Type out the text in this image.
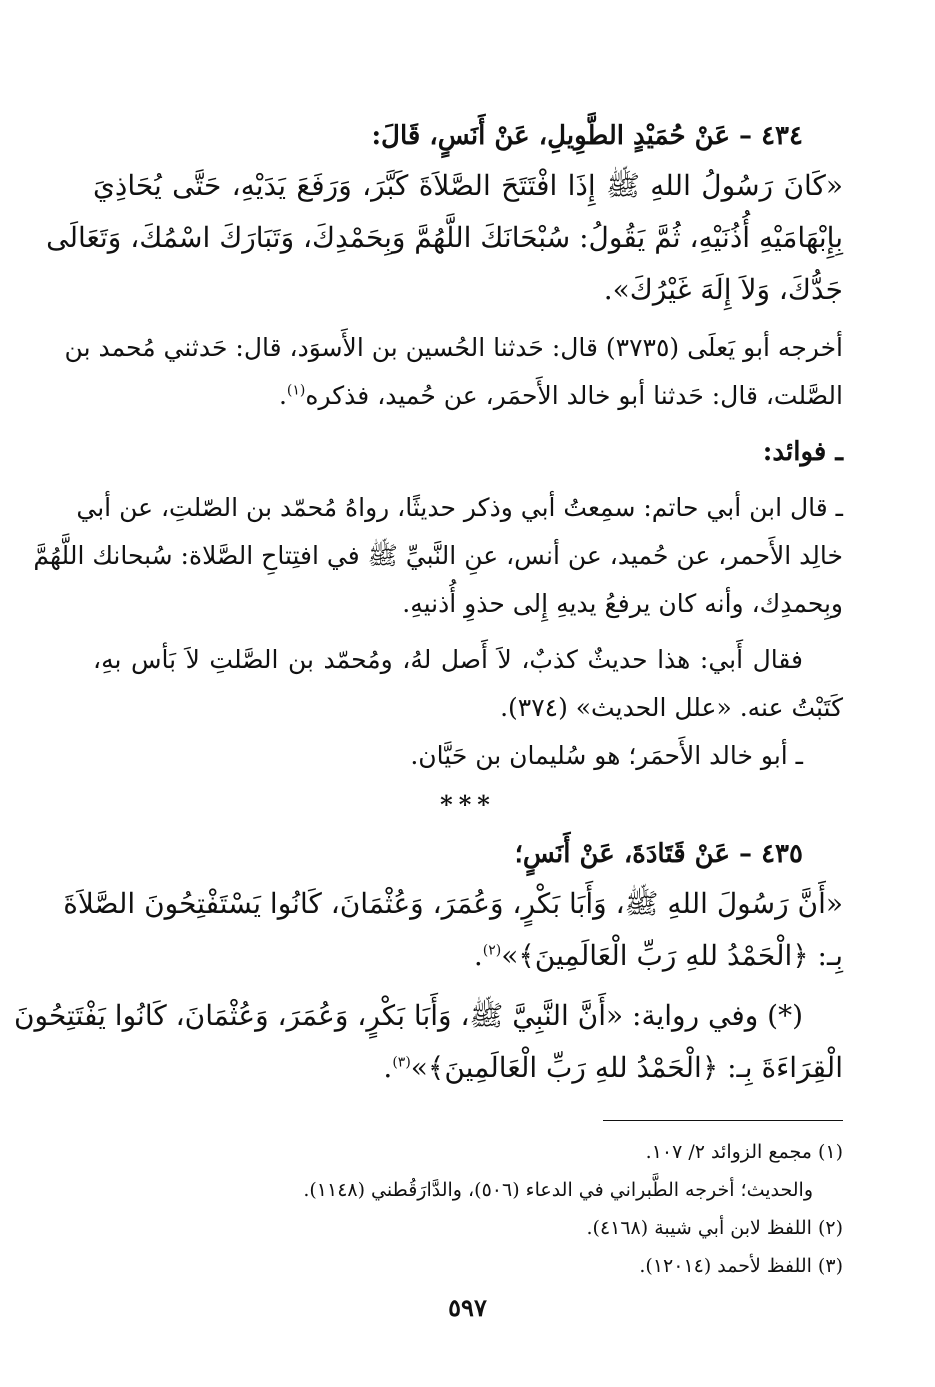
٤٣٤ – عَنْ حُمَيْدٍ الطَّوِيلِ، عَنْ أَنَسٍ، قَالَ:
«كَانَ رَسُولُ اللهِ ﷺ إِذَا افْتَتَحَ الصَّلاَةَ كَبَّرَ، وَرَفَعَ يَدَيْهِ، حَتَّى يُحَاذِيَ
بِإِبْهَامَيْهِ أُذُنَيْهِ، ثُمَّ يَقُولُ: سُبْحَانَكَ اللَّهُمَّ وَبِحَمْدِكَ، وَتَبَارَكَ اسْمُكَ، وَتَعَالَى
جَدُّكَ، وَلاَ إِلَهَ غَيْرُكَ».
أخرجه أبو يَعلَى (٣٧٣٥) قال: حَدثنا الحُسين بن الأَسوَد، قال: حَدثني مُحمد بن
الصَّلت، قال: حَدثنا أبو خالد الأَحمَر، عن حُميد، فذكره$^{(١)}$.
ـ فوائد:
ـ قال ابن أبي حاتم: سمِعتُ أبي وذكر حديثًا، رواهُ مُحمّد بن الصّلتِ، عن أبي
خالِد الأَحمر، عن حُميد، عن أنس، عنِ النَّبيِّ ﷺ في افتِتاحِ الصَّلاة: سُبحانك اللَّهُمَّ
وبِحمدِك، وأنه كان يرفعُ يديهِ إِلى حذوِ أُذنيهِ.
فقال أَبي: هذا حديثٌ كذبٌ، لاَ أَصل لهُ، ومُحمّد بن الصَّلتِ لاَ بَأس بهِ،
كَتَبْتُ عنه. «علل الحديث» (٣٧٤).
ـ أبو خالد الأَحمَر؛ هو سُليمان بن حَيَّان.
***
٤٣٥ – عَنْ قَتَادَةَ، عَنْ أَنَسٍ؛
«أَنَّ رَسُولَ اللهِ ﷺ، وَأَبَا بَكْرٍ، وَعُمَرَ، وَعُثْمَانَ، كَانُوا يَسْتَفْتِحُونَ الصَّلاَةَ
بِـ: ﴿الْحَمْدُ للهِ رَبِّ الْعَالَمِينَ﴾»$^{(٢)}$.
(*) وفي رواية: «أَنَّ النَّبِيَّ ﷺ، وَأَبَا بَكْرٍ، وَعُمَرَ، وَعُثْمَانَ، كَانُوا يَفْتَتِحُونَ
الْقِرَاءَةَ بِـ: ﴿الْحَمْدُ للهِ رَبِّ الْعَالَمِينَ﴾»$^{(٣)}$.
(١) مجمع الزوائد ٢/ ١٠٧.
والحديث؛ أخرجه الطَّبراني في الدعاء (٥٠٦)، والدَّارَقُطني (١١٤٨).
(٢) اللفظ لابن أبي شيبة (٤١٦٨).
(٣) اللفظ لأحمد (١٢٠١٤).
٥٩٧
